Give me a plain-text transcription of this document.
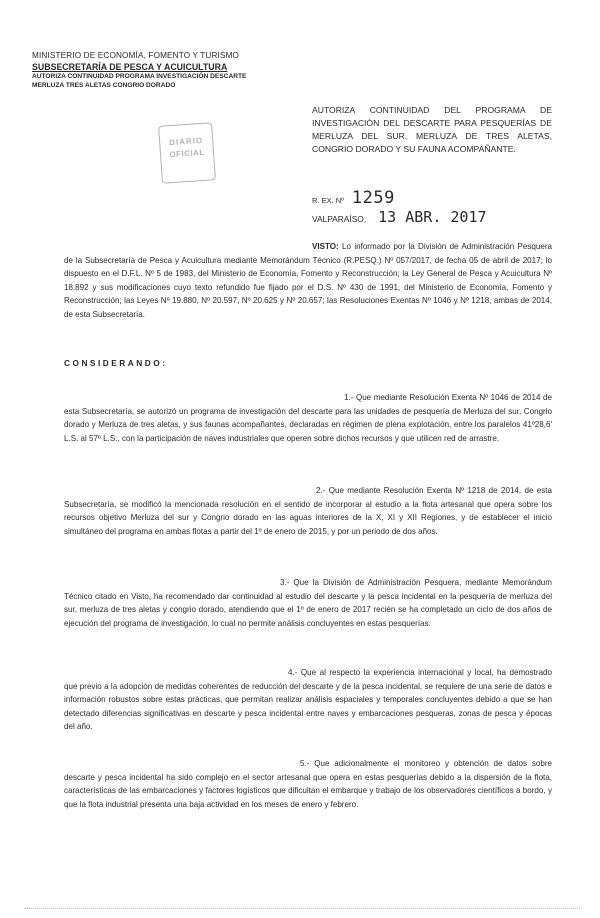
MINISTERIO DE ECONOMÍA, FOMENTO Y TURISMO
SUBSECRETARÍA DE PESCA Y ACUICULTURA
AUTORIZA CONTINUIDAD PROGRAMA INVESTIGACIÓN DESCARTE
MERLUZA TRES ALETAS CONGRIO DORADO
DIARIO
OFICIAL
AUTORIZA CONTINUIDAD DEL PROGRAMA DE INVESTIGACIÓN DEL DESCARTE PARA PESQUERÍAS DE MERLUZA DEL SUR, MERLUZA DE TRES ALETAS, CONGRIO DORADO Y SU FAUNA ACOMPAÑANTE.
R. EX. Nº 1259
VALPARAÍSO, 13 ABR. 2017
VISTO: Lo informado por la División de Administración Pesquera de la Subsecretaría de Pesca y Acuicultura mediante Memorándum Técnico (R.PESQ.) Nº 057/2017, de fecha 05 de abril de 2017; lo dispuesto en el D.F.L. Nº 5 de 1983, del Ministerio de Economía, Fomento y Reconstrucción; la Ley General de Pesca y Acuicultura Nº 18.892 y sus modificaciones cuyo texto refundido fue fijado por el D.S. Nº 430 de 1991, del Ministerio de Economía, Fomento y Reconstrucción; las Leyes Nº 19.880, Nº 20.597, Nº 20.625 y Nº 20.657; las Resoluciones Exentas Nº 1046 y Nº 1218, ambas de 2014, de esta Subsecretaría.
CONSIDERANDO:
1.- Que mediante Resolución Exenta Nº 1046 de 2014 de esta Subsecretaría, se autorizó un programa de investigación del descarte para las unidades de pesquería de Merluza del sur, Congrio dorado y Merluza de tres aletas, y sus faunas acompañantes, declaradas en régimen de plena explotación, entre los paralelos 41º28,6' L.S. al 57º L.S., con la participación de naves industriales que operen sobre dichos recursos y que utilicen red de arrastre.
2.- Que mediante Resolución Exenta Nº 1218 de 2014, de esta Subsecretaría, se modificó la mencionada resolución en el sentido de incorporar al estudio a la flota artesanal que opera sobre los recursos objetivo Merluza del sur y Congrio dorado en las aguas interiores de la X, XI y XII Regiones, y de establecer el inicio simultáneo del programa en ambas flotas a partir del 1º de enero de 2015, y por un periodo de dos años.
3.- Que la División de Administración Pesquera, mediante Memorándum Técnico citado en Visto, ha recomendado dar continuidad al estudio del descarte y la pesca incidental en la pesquería de merluza del sur, merluza de tres aletas y congrio dorado, atendiendo que el 1º de enero de 2017 recién se ha completado un ciclo de dos años de ejecución del programa de investigación, lo cual no permite análisis concluyentes en estas pesquerías.
4.- Que al respecto la experiencia internacional y local, ha demostrado que previo a la adopción de medidas coherentes de reducción del descarte y de la pesca incidental, se requiere de una serie de datos e información robustos sobre estas prácticas, que permitan realizar análisis espaciales y temporales concluyentes debido a que se han detectado diferencias significativas en descarte y pesca incidental entre naves y embarcaciones pesqueras, zonas de pesca y épocas del año.
5.- Que adicionalmente el monitoreo y obtención de datos sobre descarte y pesca incidental ha sido complejo en el sector artesanal que opera en estas pesquerías debido a la dispersión de la flota, características de las embarcaciones y factores logísticos que dificultan el embarque y trabajo de los observadores científicos a bordo, y que la flota industrial presenta una baja actividad en los meses de enero y febrero.
